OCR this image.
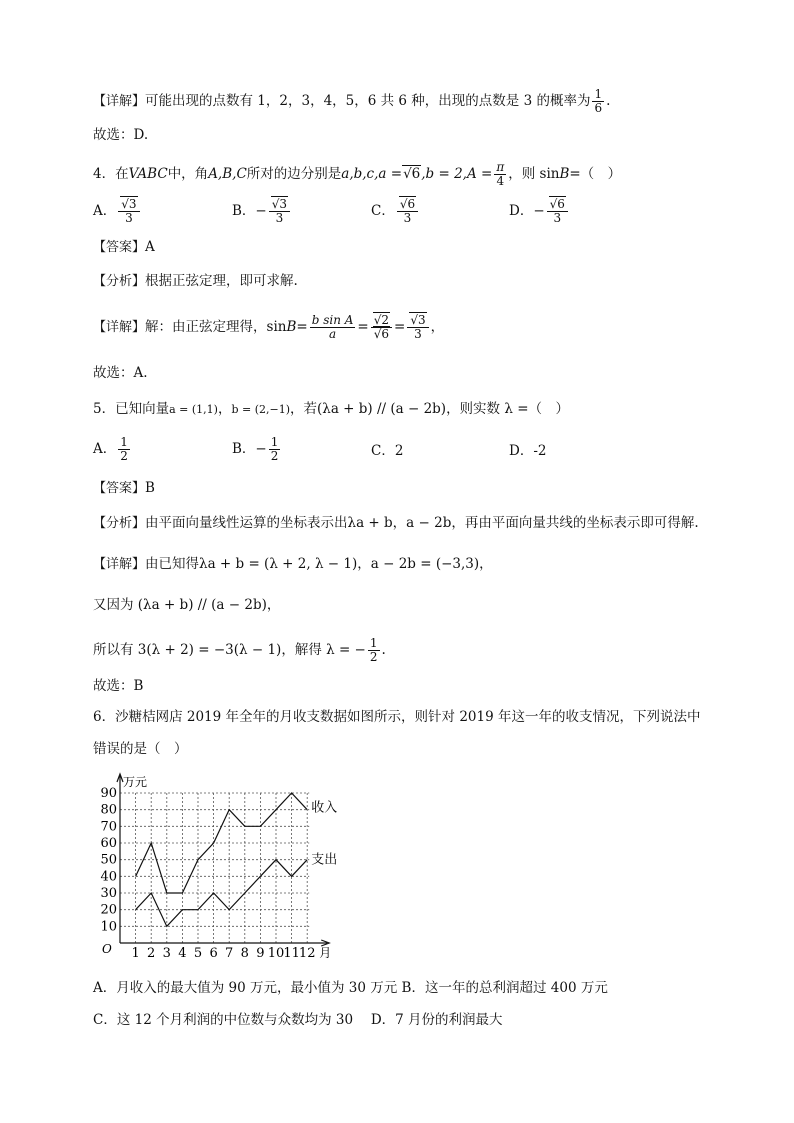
【详解】可能出现的点数有 1，2，3，4，5，6 共 6 种，出现的点数是 3 的概率为 $\frac{1}{6}$ .
故选：D.
4．在VABC中，角A,B,C所对的边分别是a,b,c,a = √ $6,b = 2,A = \frac{\pi}{4}$ ，则 sinB=（　）
A． √ $\frac{3}{3}$	B．− √ $\frac{3}{3}$	C． √ $\frac{6}{3}$	D．− √ $\frac{6}{3}$
【答案】A
【分析】根据正弦定理，即可求解.
【详解】解：由正弦定理得，$\sin B= \frac{\text{b sin A}}{a}$ = √ 2
√ 6 = √ $\frac{3}{3}$ ，
故选：A.
5．已知向量a = (1,1)，b = (2,−1)，若(λa + b) // (a − 2b)，则实数 λ =（　）
A． $\frac{1}{2}$	B．− $\frac{1}{2}$	C．2	D．-2
【答案】B
【分析】由平面向量线性运算的坐标表示出λa + b，a − 2b，再由平面向量共线的坐标表示即可得解.
【详解】由已知得λa + b = (λ + 2, λ − 1)，a − 2b = (−3,3)，
又因为 (λa + b) // (a − 2b)，
所以有 3(λ + 2) = −3(λ − 1)，解得 λ = − $\frac{1}{2}$ .
故选：B
6．沙糖桔网店 2019 年全年的月收支数据如图所示，则针对 2019 年这一年的收支情况，下列说法中
错误的是（　）
10
20
30
40
50
60
70
80
90
1 2 3 4 5 6 7 8 9 10 11 12
收入
支出
万元
月
O
A．月收入的最大值为 90 万元，最小值为 30 万元 B．这一年的总利润超过 400 万元
C．这 12 个月利润的中位数与众数均为 30　 D．7 月份的利润最大
